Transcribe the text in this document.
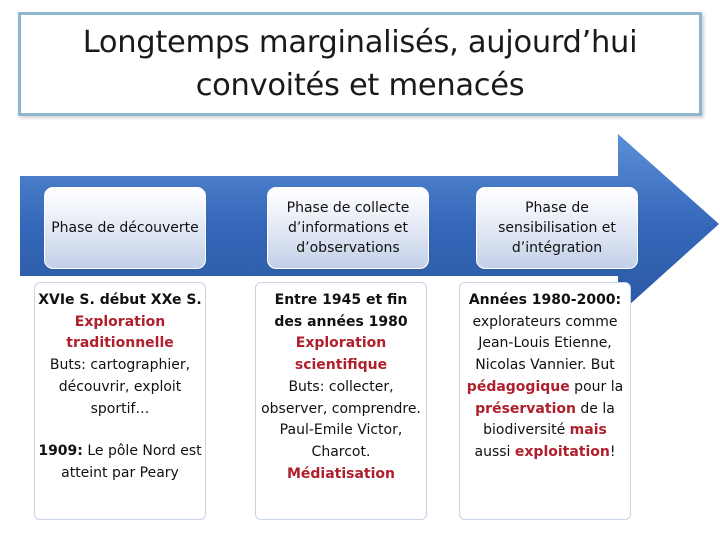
Longtemps marginalisés, aujourd’hui
convoités et menacés
Phase de découverte
Phase de collecte d’informations et d’observations
Phase de sensibilisation et d’intégration

XVIe S. début XXe S.

Exploration traditionnelle

Buts: cartographier, découvrir, exploit sportif…

1909: Le pôle Nord est atteint par Peary

Entre 1945 et fin des années 1980

Exploration scientifique

Buts: collecter, observer, comprendre. Paul-Emile Victor, Charcot.

Médiatisation

Années 1980-2000: explorateurs comme Jean-Louis Etienne, Nicolas Vannier. But pédagogique pour la préservation de la biodiversité mais aussi exploitation!
